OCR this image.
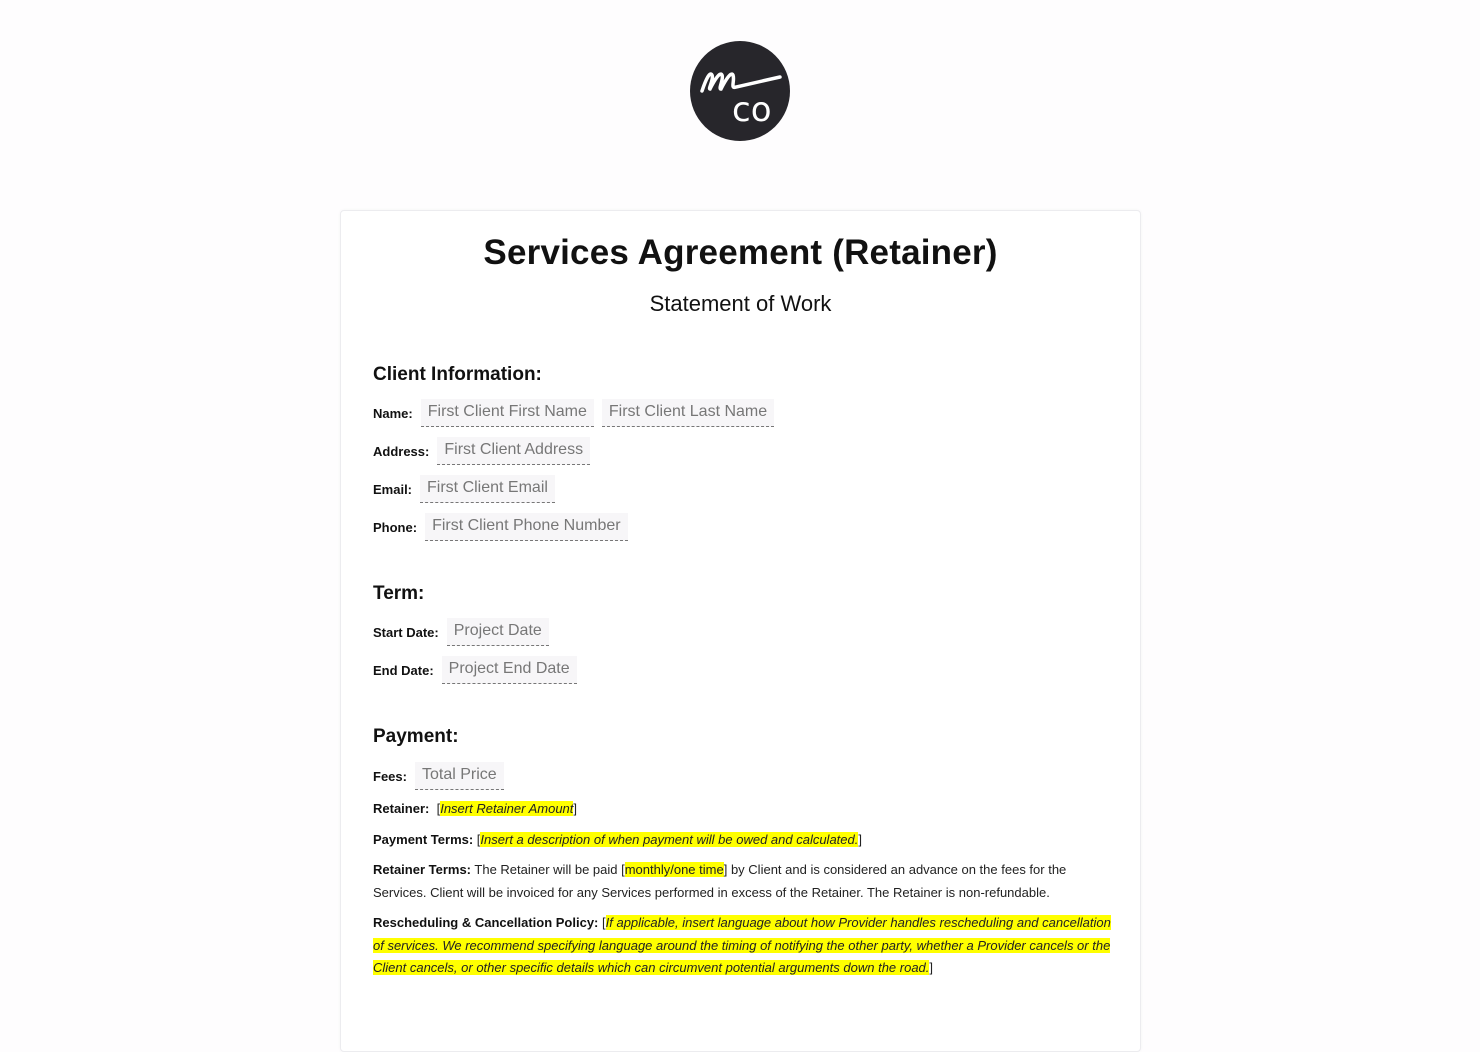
co
Services Agreement (Retainer)
Statement of Work
Client Information:
Name: First Client First Name	First Client Last Name
Address: First Client Address
Email: First Client Email
Phone: First Client Phone Number
Term:
Start Date: Project Date
End Date: Project End Date
Payment:
Fees: Total Price
Retainer:  [Insert Retainer Amount]
Payment Terms: [Insert a description of when payment will be owed and calculated.]
Retainer Terms: The Retainer will be paid [monthly/one time] by Client and is considered an advance on the fees for the Services. Client will be invoiced for any Services performed in excess of the Retainer. The Retainer is non-refundable.
Rescheduling & Cancellation Policy: [If applicable, insert language about how Provider handles rescheduling and cancellation of services. We recommend specifying language around the timing of notifying the other party, whether a Provider cancels or the Client cancels, or other specific details which can circumvent potential arguments down the road.]
